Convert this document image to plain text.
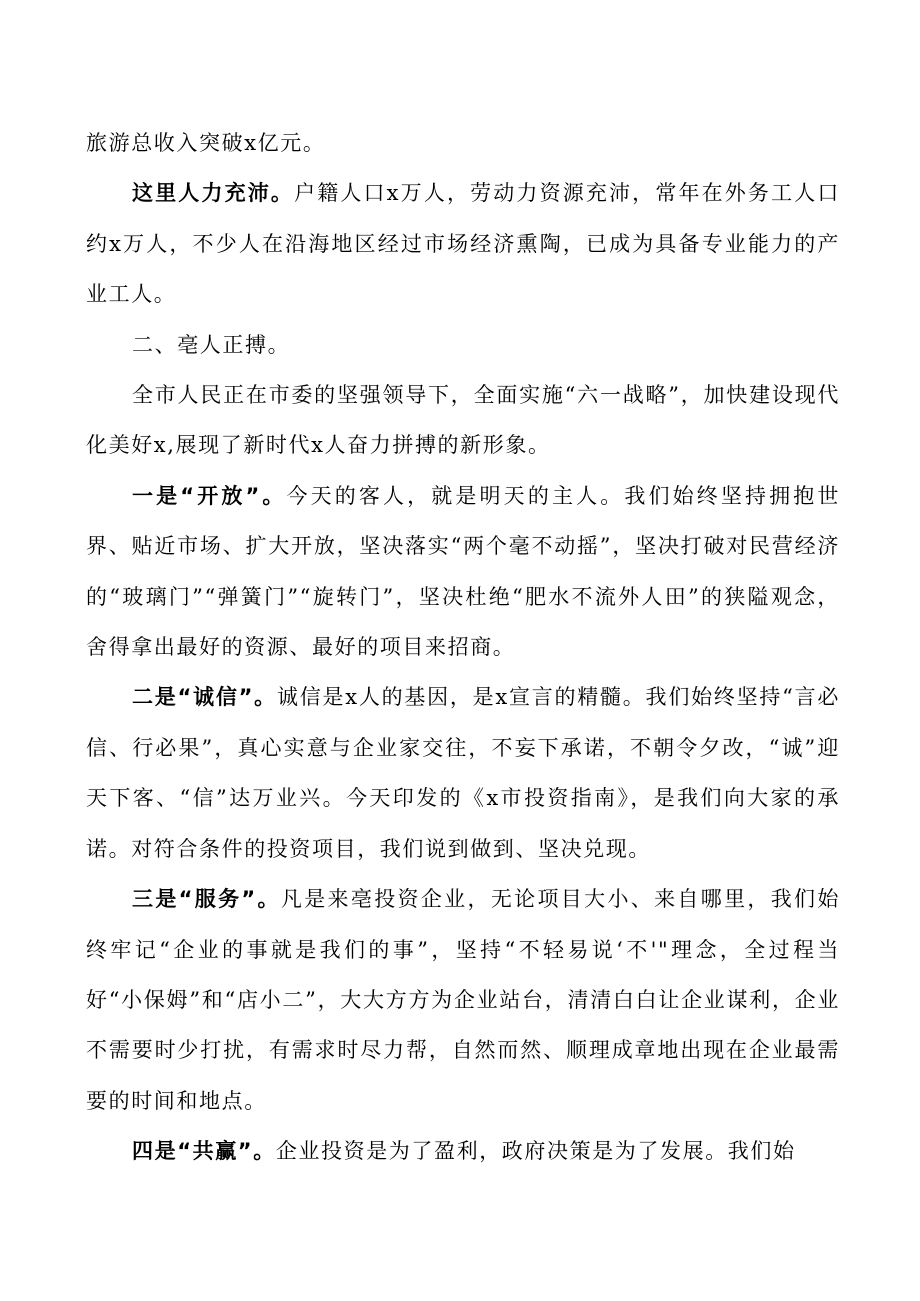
旅游总收入突破x亿元。

这里人力充沛。户籍人口x万人，劳动力资源充沛，常年在外务工人口约x万人，不少人在沿海地区经过市场经济熏陶，已成为具备专业能力的产业工人。

二、亳人正搏。

全市人民正在市委的坚强领导下，全面实施“六一战略”，加快建设现代化美好x,展现了新时代x人奋力拼搏的新形象。

一是“开放”。今天的客人，就是明天的主人。我们始终坚持拥抱世界、贴近市场、扩大开放，坚决落实“两个毫不动摇”，坚决打破对民营经济的“玻璃门”“弹簧门”“旋转门”，坚决杜绝“肥水不流外人田”的狭隘观念，舍得拿出最好的资源、最好的项目来招商。

二是“诚信”。诚信是x人的基因，是x宣言的精髓。我们始终坚持“言必信、行必果”，真心实意与企业家交往，不妄下承诺，不朝令夕改，“诚”迎天下客、“信”达万业兴。今天印发的《x市投资指南》，是我们向大家的承诺。对符合条件的投资项目，我们说到做到、坚决兑现。

三是“服务”。凡是来亳投资企业，无论项目大小、来自哪里，我们始终牢记“企业的事就是我们的事”，坚持“不轻易说‘不'"理念，全过程当好“小保姆”和“店小二”，大大方方为企业站台，清清白白让企业谋利，企业不需要时少打扰，有需求时尽力帮，自然而然、顺理成章地出现在企业最需要的时间和地点。

四是“共赢”。企业投资是为了盈利，政府决策是为了发展。我们始
